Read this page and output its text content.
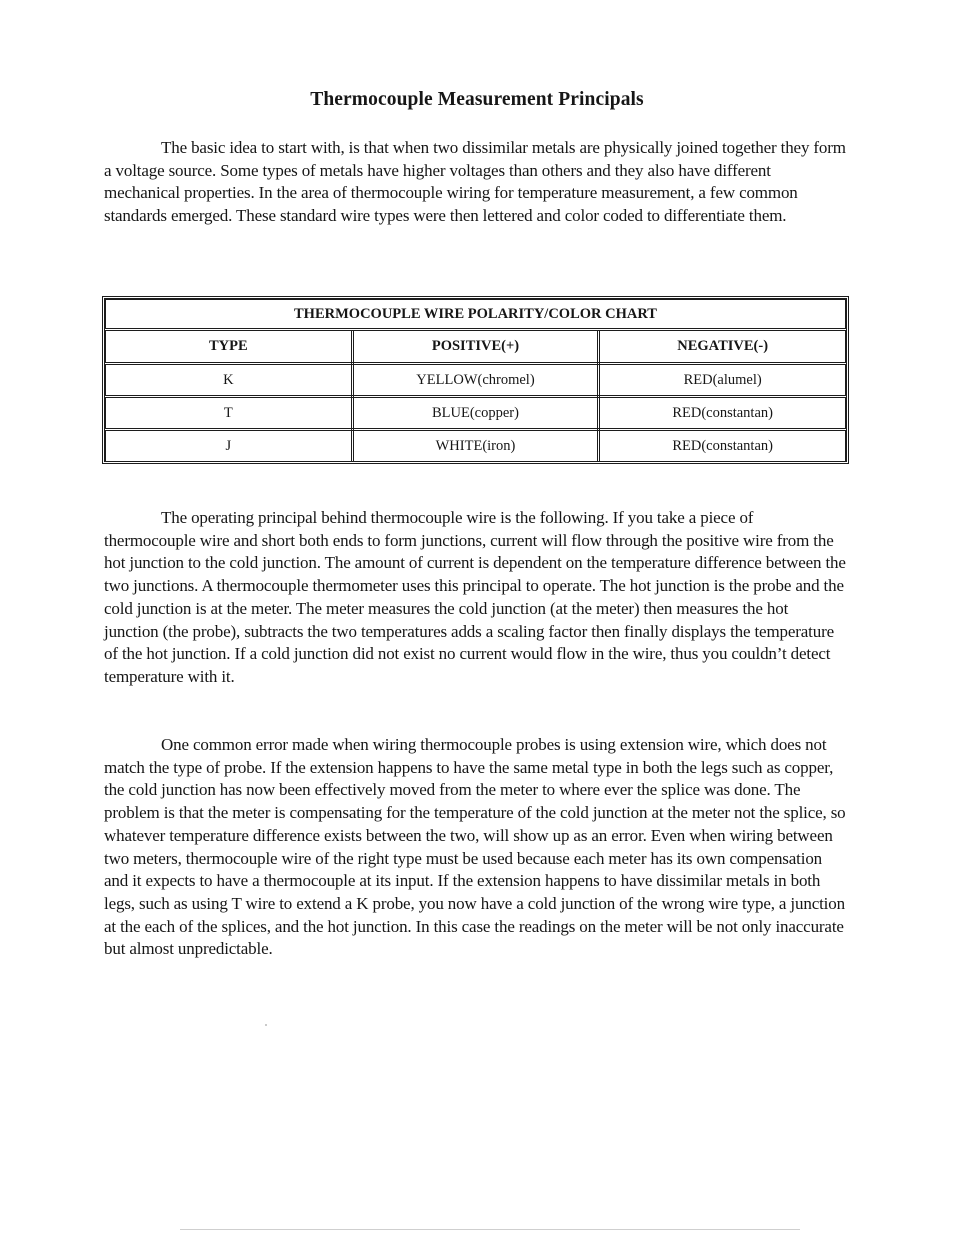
Thermocouple Measurement Principals

The basic idea to start with, is that when two dissimilar metals are physically joined together they form a voltage source. Some types of metals have higher voltages than others and they also have different mechanical properties. In the area of thermocouple wiring for temperature measurement, a few common standards emerged. These standard wire types were then lettered and color coded to differentiate them.

THERMOCOUPLE WIRE POLARITY/COLOR CHART		
TYPE	POSITIVE(+)	NEGATIVE(-)
K	YELLOW(chromel)	RED(alumel)
T	BLUE(copper)	RED(constantan)
J	WHITE(iron)	RED(constantan)

The operating principal behind thermocouple wire is the following. If you take a piece of thermocouple wire and short both ends to form junctions, current will flow through the positive wire from the hot junction to the cold junction. The amount of current is dependent on the temperature difference between the two junctions. A thermocouple thermometer uses this principal to operate. The hot junction is the probe and the cold junction is at the meter. The meter measures the cold junction (at the meter) then measures the hot junction (the probe), subtracts the two temperatures adds a scaling factor then finally displays the temperature of the hot junction. If a cold junction did not exist no current would flow in the wire, thus you couldn’t detect temperature with it.

One common error made when wiring thermocouple probes is using extension wire, which does not match the type of probe. If the extension happens to have the same metal type in both the legs such as copper, the cold junction has now been effectively moved from the meter to where ever the splice was done. The problem is that the meter is compensating for the temperature of the cold junction at the meter not the splice, so whatever temperature difference exists between the two, will show up as an error. Even when wiring between two meters, thermocouple wire of the right type must be used because each meter has its own compensation and it expects to have a thermocouple at its input. If the extension happens to have dissimilar metals in both legs, such as using T wire to extend a K probe, you now have a cold junction of the wrong wire type, a junction at the each of the splices, and the hot junction. In this case the readings on the meter will be not only inaccurate but almost unpredictable.
